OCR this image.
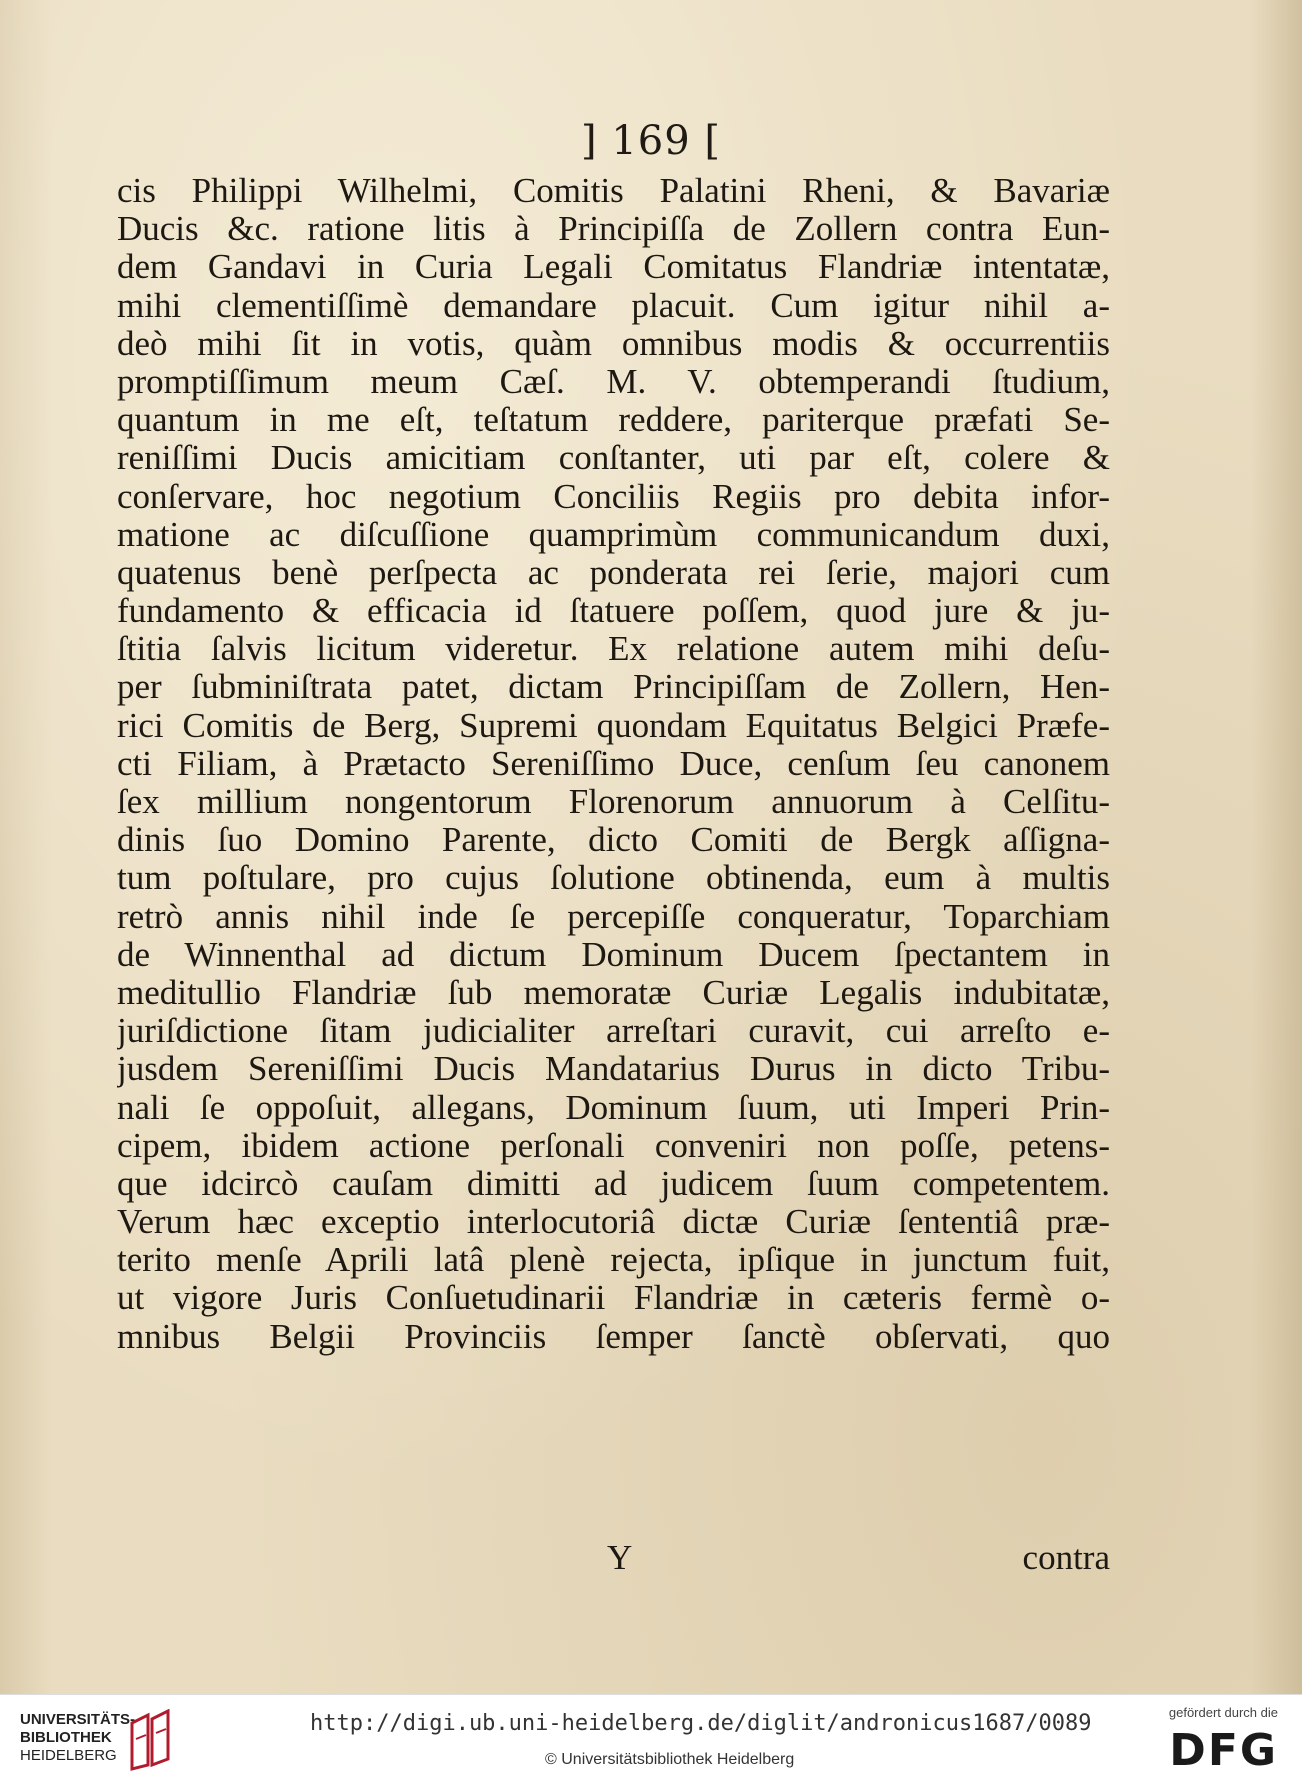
] 169 [
cis Philippi Wilhelmi, Comitis Palatini Rheni, & Bavariæ
Ducis &c. ratione litis à Principiſſa de Zollern contra Eun-
dem Gandavi in Curia Legali Comitatus Flandriæ intentatæ,
mihi clementiſſimè demandare placuit. Cum igitur nihil a-
deò mihi ſit in votis, quàm omnibus modis & occurrentiis
promptiſſimum meum Cæſ. M. V. obtemperandi ſtudium,
quantum in me eſt, teſtatum reddere, pariterque præfati Se-
reniſſimi Ducis amicitiam conſtanter, uti par eſt, colere &
conſervare, hoc negotium Conciliis Regiis pro debita infor-
matione ac diſcuſſione quamprimùm communicandum duxi,
quatenus benè perſpecta ac ponderata rei ſerie, majori cum
fundamento & efficacia id ſtatuere poſſem, quod jure & ju-
ſtitia ſalvis licitum videretur. Ex relatione autem mihi deſu-
per ſubminiſtrata patet, dictam Principiſſam de Zollern, Hen-
rici Comitis de Berg, Supremi quondam Equitatus Belgici Præfe-
cti Filiam, à Prætacto Sereniſſimo Duce, cenſum ſeu canonem
ſex millium nongentorum Florenorum annuorum à Celſitu-
dinis ſuo Domino Parente, dicto Comiti de Bergk aſſigna-
tum poſtulare, pro cujus ſolutione obtinenda, eum à multis
retrò annis nihil inde ſe percepiſſe conqueratur, Toparchiam
de Winnenthal ad dictum Dominum Ducem ſpectantem in
meditullio Flandriæ ſub memoratæ Curiæ Legalis indubitatæ,
juriſdictione ſitam judicialiter arreſtari curavit, cui arreſto e-
jusdem Sereniſſimi Ducis Mandatarius Durus in dicto Tribu-
nali ſe oppoſuit, allegans, Dominum ſuum, uti Imperi Prin-
cipem, ibidem actione perſonali conveniri non poſſe, petens-
que idcircò cauſam dimitti ad judicem ſuum competentem.
Verum hæc exceptio interlocutoriâ dictæ Curiæ ſententiâ præ-
terito menſe Aprili latâ plenè rejecta, ipſique in junctum fuit,
ut vigore Juris Conſuetudinarii Flandriæ in cæteris fermè o-
mnibus Belgii Provinciis ſemper ſanctè obſervati, quo
Y	contra
UNIVERSITÄTS-
BIBLIOTHEK
HEIDELBERG
http://digi.ub.uni-heidelberg.de/diglit/andronicus1687/0089
© Universitätsbibliothek Heidelberg
gefördert durch die
DFG
